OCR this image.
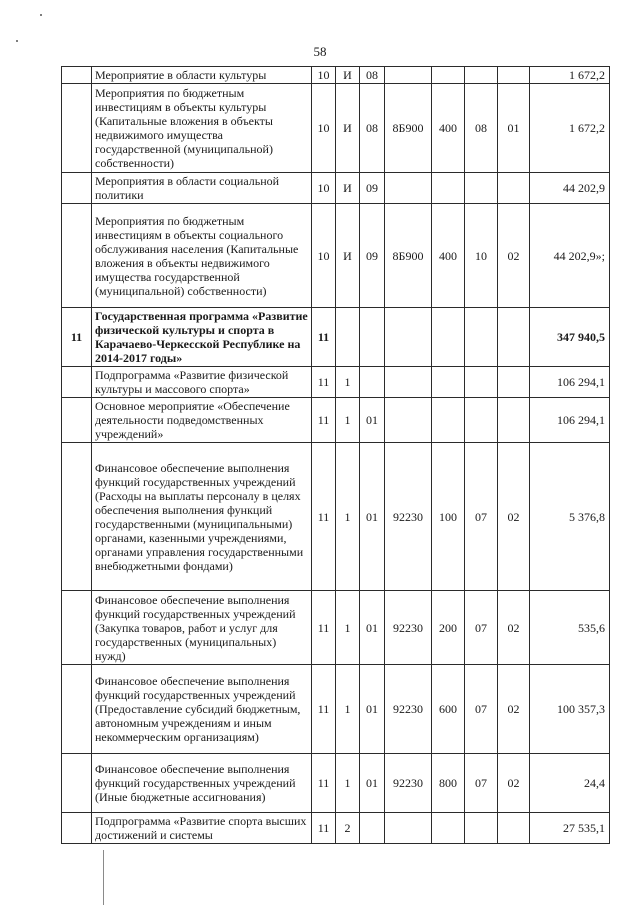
58
	Мероприятие в области культуры	10	И	08					1 672,2
	Мероприятия по бюджетным инвестициям в объекты культуры (Капитальные вложения в объекты недвижимого имущества государственной (муниципальной) собственности)	10	И	08	8Б900	400	08	01	1 672,2
	Мероприятия в области социальной политики	10	И	09					44 202,9
	Мероприятия по бюджетным инвестициям в объекты социального обслуживания населения (Капитальные вложения в объекты недвижимого имущества государственной (муниципальной) собственности)	10	И	09	8Б900	400	10	02	44 202,9»;
11	Государственная программа «Развитие физической культуры и спорта в Карачаево-Черкесской Республике на 2014-2017 годы»	11							347 940,5
	Подпрограмма «Развитие физической культуры и массового спорта»	11	1						106 294,1
	Основное мероприятие «Обеспечение деятельности подведомственных учреждений»	11	1	01					106 294,1
	Финансовое обеспечение выполнения функций государственных учреждений (Расходы на выплаты персоналу в целях обеспечения выполнения функций государственными (муниципальными) органами, казенными учреждениями, органами управления государственными внебюджетными фондами)	11	1	01	92230	100	07	02	5 376,8
	Финансовое обеспечение выполнения функций государственных учреждений (Закупка товаров, работ и услуг для государственных (муниципальных) нужд)	11	1	01	92230	200	07	02	535,6
	Финансовое обеспечение выполнения функций государственных учреждений (Предоставление субсидий бюджетным, автономным учреждениям и иным некоммерческим организациям)	11	1	01	92230	600	07	02	100 357,3
	Финансовое обеспечение выполнения функций государственных учреждений (Иные бюджетные ассигнования)	11	1	01	92230	800	07	02	24,4
	Подпрограмма «Развитие спорта высших достижений и системы	11	2						27 535,1
